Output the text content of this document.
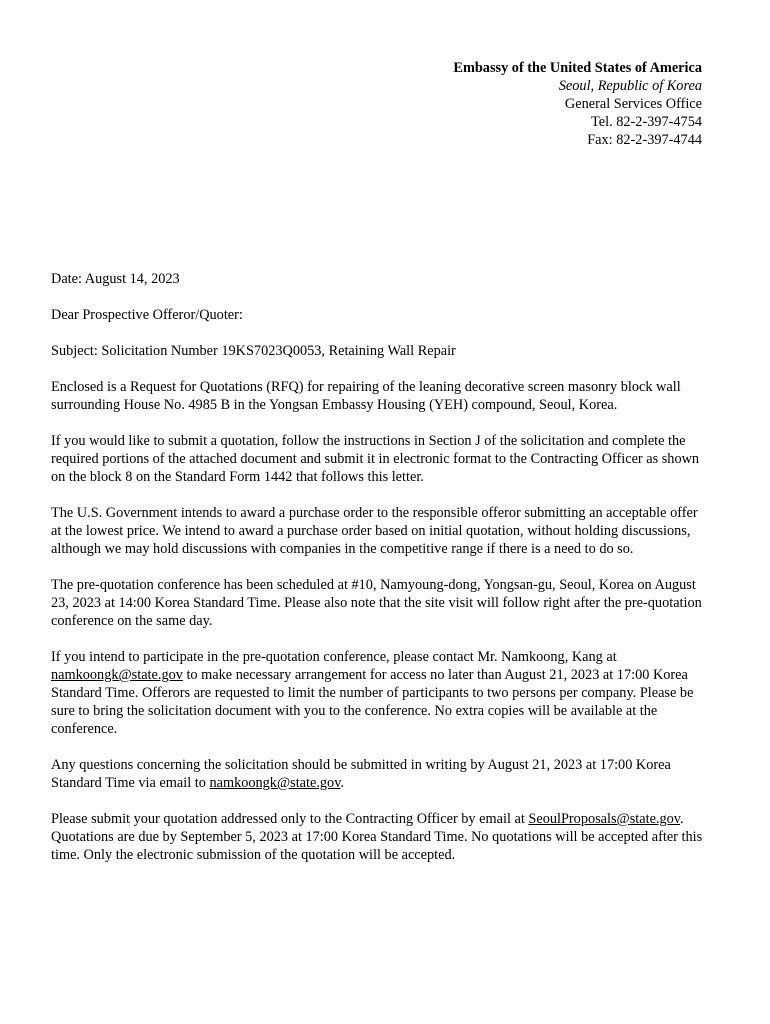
Embassy of the United States of America
Seoul, Republic of Korea
General Services Office
Tel. 82-2-397-4754
Fax: 82-2-397-4744

Date: August 14, 2023

Dear Prospective Offeror/Quoter:

Subject: Solicitation Number 19KS7023Q0053, Retaining Wall Repair

Enclosed is a Request for Quotations (RFQ) for repairing of the leaning decorative screen masonry block wall surrounding House No. 4985 B in the Yongsan Embassy Housing (YEH) compound, Seoul, Korea.

If you would like to submit a quotation, follow the instructions in Section J of the solicitation and complete the required portions of the attached document and submit it in electronic format to the Contracting Officer as shown on the block 8 on the Standard Form 1442 that follows this letter.

The U.S. Government intends to award a purchase order to the responsible offeror submitting an acceptable offer at the lowest price. We intend to award a purchase order based on initial quotation, without holding discussions, although we may hold discussions with companies in the competitive range if there is a need to do so.

The pre-quotation conference has been scheduled at #10, Namyoung-dong, Yongsan-gu, Seoul, Korea on August 23, 2023 at 14:00 Korea Standard Time. Please also note that the site visit will follow right after the pre-quotation conference on the same day.

If you intend to participate in the pre-quotation conference, please contact Mr. Namkoong, Kang at namkoongk@state.gov to make necessary arrangement for access no later than August 21, 2023 at 17:00 Korea Standard Time. Offerors are requested to limit the number of participants to two persons per company. Please be sure to bring the solicitation document with you to the conference. No extra copies will be available at the conference.

Any questions concerning the solicitation should be submitted in writing by August 21, 2023 at 17:00 Korea Standard Time via email to namkoongk@state.gov.

Please submit your quotation addressed only to the Contracting Officer by email at SeoulProposals@state.gov. Quotations are due by September 5, 2023 at 17:00 Korea Standard Time. No quotations will be accepted after this time. Only the electronic submission of the quotation will be accepted.
